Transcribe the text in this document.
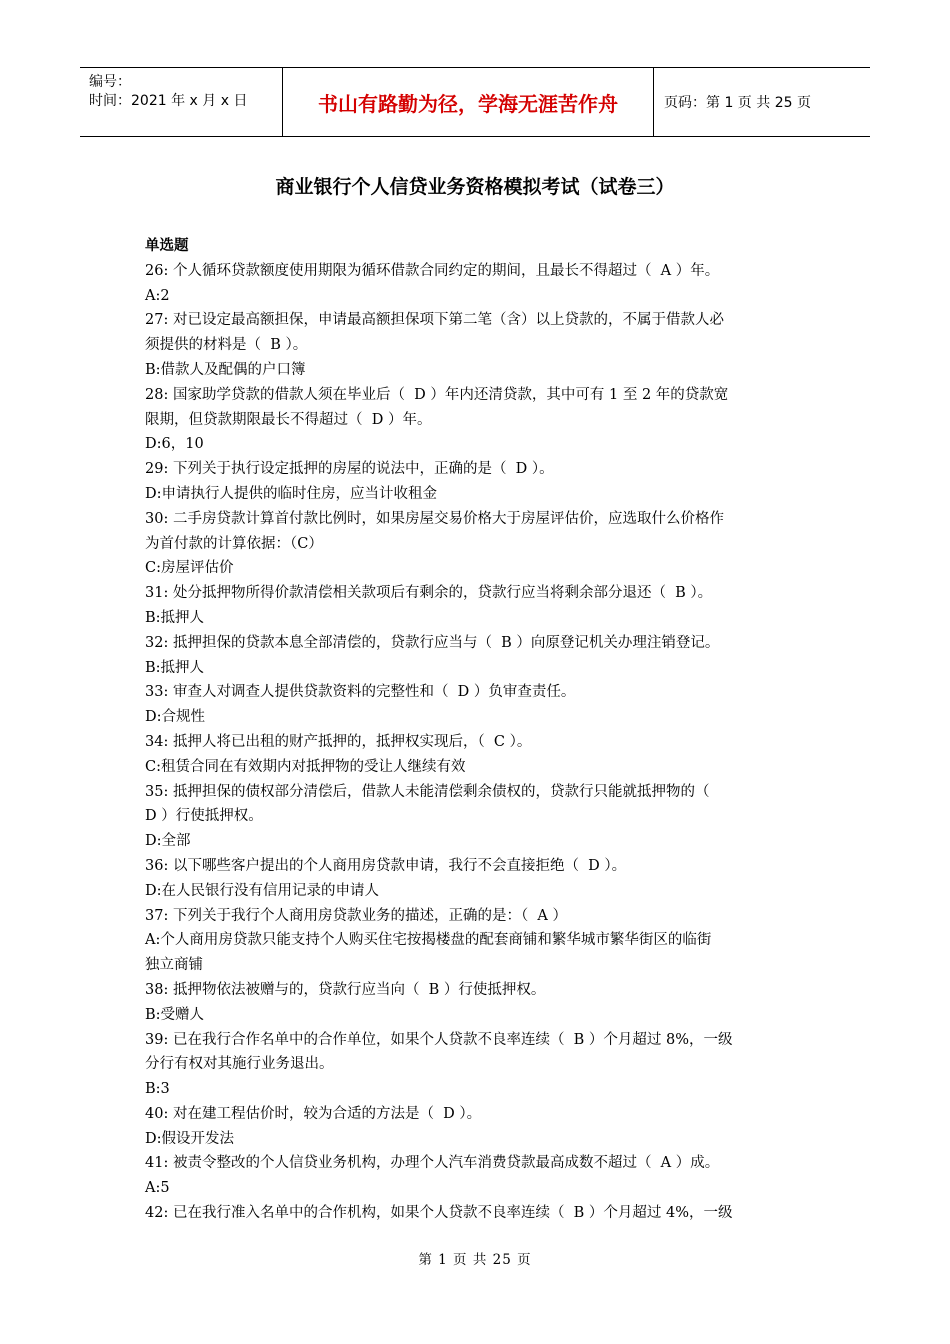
编号：
时间：2021 年 x 月 x 日	书山有路勤为径，学海无涯苦作舟	页码：第 1 页 共 25 页
商业银行个人信贷业务资格模拟考试（试卷三）
单选题
26: 个人循环贷款额度使用期限为循环借款合同约定的期间，且最长不得超过（  A ）年。
A:2
27: 对已设定最高额担保，申请最高额担保项下第二笔（含）以上贷款的，不属于借款人必
须提供的材料是（  B ）。
B:借款人及配偶的户口簿
28: 国家助学贷款的借款人须在毕业后（  D ）年内还清贷款，其中可有 1 至 2 年的贷款宽
限期，但贷款期限最长不得超过（  D ）年。
D:6，10
29: 下列关于执行设定抵押的房屋的说法中，正确的是（  D ）。
D:申请执行人提供的临时住房，应当计收租金
30: 二手房贷款计算首付款比例时，如果房屋交易价格大于房屋评估价，应选取什么价格作
为首付款的计算依据：（C）
C:房屋评估价
31: 处分抵押物所得价款清偿相关款项后有剩余的，贷款行应当将剩余部分退还（  B ）。
B:抵押人
32: 抵押担保的贷款本息全部清偿的，贷款行应当与（  B ）向原登记机关办理注销登记。
B:抵押人
33: 审查人对调查人提供贷款资料的完整性和（  D ）负审查责任。
D:合规性
34: 抵押人将已出租的财产抵押的，抵押权实现后，（  C ）。
C:租赁合同在有效期内对抵押物的受让人继续有效
35: 抵押担保的债权部分清偿后，借款人未能清偿剩余债权的，贷款行只能就抵押物的（
D ）行使抵押权。
D:全部
36: 以下哪些客户提出的个人商用房贷款申请，我行不会直接拒绝（  D ）。
D:在人民银行没有信用记录的申请人
37: 下列关于我行个人商用房贷款业务的描述，正确的是：（  A ）
A:个人商用房贷款只能支持个人购买住宅按揭楼盘的配套商铺和繁华城市繁华街区的临街
独立商铺
38: 抵押物依法被赠与的，贷款行应当向（  B ）行使抵押权。
B:受赠人
39: 已在我行合作名单中的合作单位，如果个人贷款不良率连续（  B ）个月超过 8%，一级
分行有权对其施行业务退出。
B:3
40: 对在建工程估价时，较为合适的方法是（  D ）。
D:假设开发法
41: 被责令整改的个人信贷业务机构，办理个人汽车消费贷款最高成数不超过（  A ）成。
A:5
42: 已在我行准入名单中的合作机构，如果个人贷款不良率连续（  B ）个月超过 4%，一级
第 1 页 共 25 页
